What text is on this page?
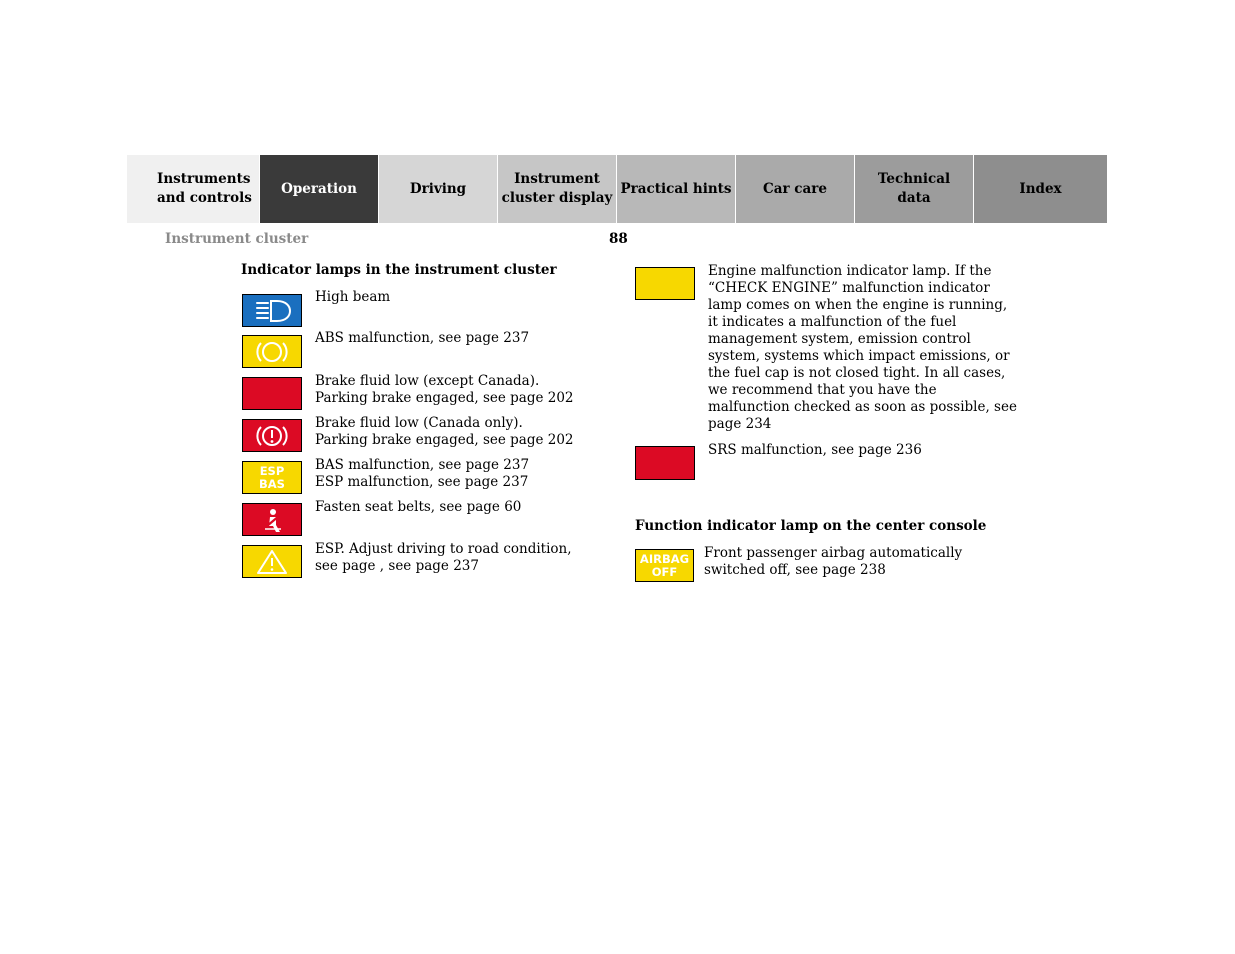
Instruments
and controls
Operation	Driving
Instrument
cluster display
Practical hints Car care
Technical
data
Index
Instrument cluster	88
Indicator lamps in the instrument cluster
High beam
ABS malfunction, see page 237
Brake fluid low (except Canada).
Parking brake engaged, see page 202
Brake fluid low (Canada only).
Parking brake engaged, see page 202
ESP
BAS
BAS malfunction, see page 237
ESP malfunction, see page 237
Fasten seat belts, see page 60
ESP. Adjust driving to road condition,
see page , see page 237
Engine malfunction indicator lamp. If the
“CHECK ENGINE” malfunction indicator
lamp comes on when the engine is running,
it indicates a malfunction of the fuel
management system, emission control
system, systems which impact emissions, or
the fuel cap is not closed tight. In all cases,
we recommend that you have the
malfunction checked as soon as possible, see
page 234
SRS malfunction, see page 236
Function indicator lamp on the center console
AIRBAG
OFF
Front passenger airbag automatically
switched off, see page 238
